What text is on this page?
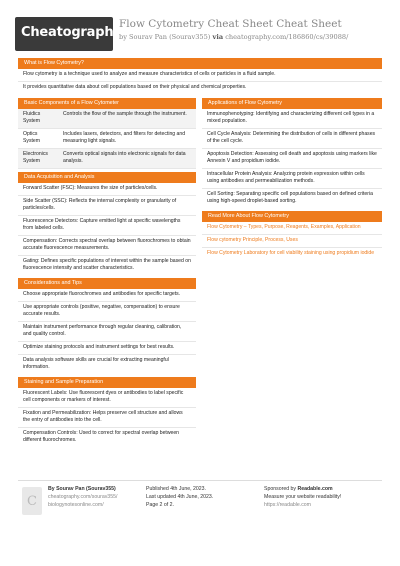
Cheatography
Flow Cytometry Cheat Sheet Cheat Sheet
by Sourav Pan (Sourav355) via cheatography.com/186860/cs/39088/
What is Flow Cytometry?
Flow cytometry is a technique used to analyze and measure characteristics of cells or particles in a fluid sample.
It provides quantitative data about cell populations based on their physical and chemical properties.
Basic Components of a Flow Cytometer
Fluidics System	Controls the flow of the sample through the instrument.
Optics System	Includes lasers, detectors, and filters for detecting and measuring light signals.
Electronics System	Converts optical signals into electronic signals for data analysis.
Data Acquisition and Analysis
Forward Scatter (FSC): Measures the size of particles/cells.
Side Scatter (SSC): Reflects the internal complexity or granularity of particles/cells.
Fluorescence Detectors: Capture emitted light at specific wavelengths from labeled cells.
Compensation: Corrects spectral overlap between fluorochromes to obtain accurate fluorescence measurements.
Gating: Defines specific populations of interest within the sample based on fluorescence intensity and scatter characteristics.
Considerations and Tips
Choose appropriate fluorochromes and antibodies for specific targets.
Use appropriate controls (positive, negative, compensation) to ensure accurate results.
Maintain instrument performance through regular cleaning, calibration, and quality control.
Optimize staining protocols and instrument settings for best results.
Data analysis software skills are crucial for extracting meaningful information.
Staining and Sample Preparation
Fluorescent Labels: Use fluorescent dyes or antibodies to label specific cell components or markers of interest.
Fixation and Permeabilization: Helps preserve cell structure and allows the entry of antibodies into the cell.
Compensation Controls: Used to correct for spectral overlap between different fluorochromes.
Applications of Flow Cytometry
Immunophenotyping: Identifying and characterizing different cell types in a mixed population.
Cell Cycle Analysis: Determining the distribution of cells in different phases of the cell cycle.
Apoptosis Detection: Assessing cell death and apoptosis using markers like Annexin V and propidium iodide.
Intracellular Protein Analysis: Analyzing protein expression within cells using antibodies and permeabilization methods.
Cell Sorting: Separating specific cell populations based on defined criteria using high-speed droplet-based sorting.
Read More About Flow Cytometry
Flow Cytometry – Types, Purpose, Reagents, Examples, Application
Flow cytometry Principle, Process, Uses
Flow Cytometry Laboratory for cell viability staining using propidium iodide
C
By Sourav Pan (Sourav355)
cheatography.com/sourav355/
biologynotesonline.com/
Published 4th June, 2023.
Last updated 4th June, 2023.
Page 2 of 2.
Sponsored by Readable.com
Measure your website readability!
https://readable.com
